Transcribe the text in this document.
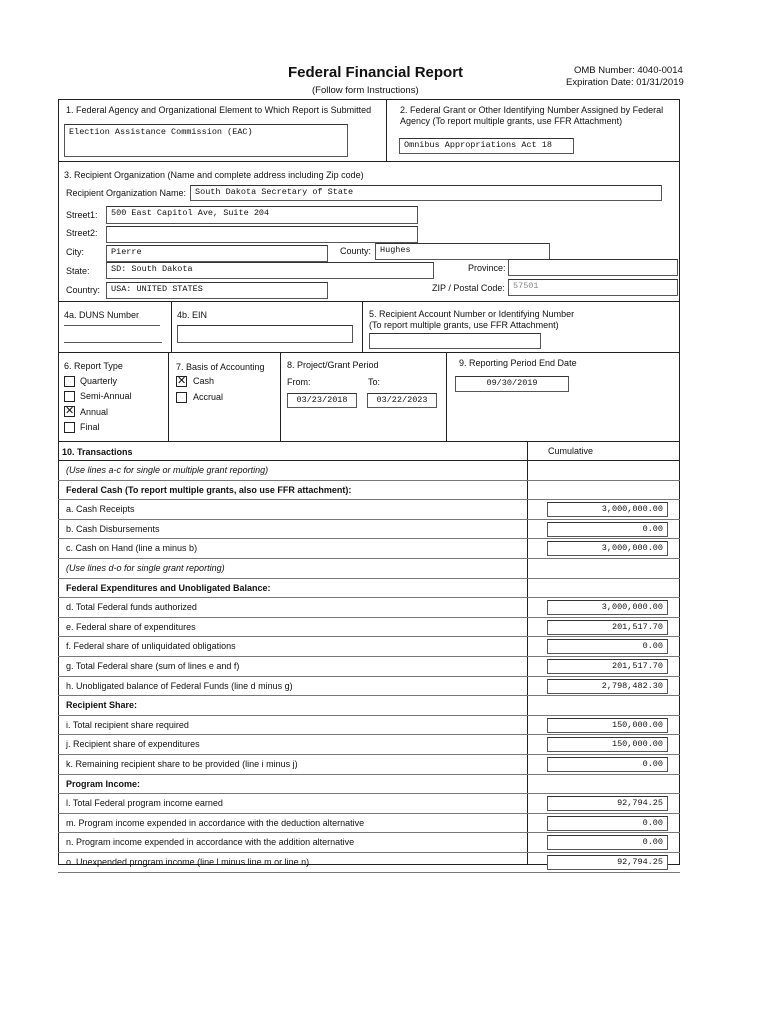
Federal Financial Report
(Follow form Instructions)
OMB Number: 4040-0014
Expiration Date: 01/31/2019
1. Federal Agency and Organizational Element to Which Report is Submitted
Election Assistance Commission (EAC)
2. Federal Grant or Other Identifying Number Assigned by Federal
Agency (To report multiple grants, use FFR Attachment)
Omnibus Appropriations Act 18
3. Recipient Organization (Name and complete address including Zip code)
Recipient Organization Name:	South Dakota Secretary of State
Street1:	500 East Capitol Ave, Suite 204
Street2:
City:	Pierre	County:	Hughes
State:	SD: South Dakota	Province:
Country:	USA: UNITED STATES	ZIP / Postal Code: 57501
4a. DUNS Number	4b. EIN	5. Recipient Account Number or Identifying Number
(To report multiple grants, use FFR Attachment)
6. Report Type
Quarterly
Semi-Annual
✕ Annual
Final
7. Basis of Accounting
✕ Cash
Accrual
8. Project/Grant Period
From:	To:
03/23/2018	03/22/2023
9. Reporting Period End Date
09/30/2019
10. Transactions	Cumulative
(Use lines a-c for single or multiple grant reporting)
Federal Cash (To report multiple grants, also use FFR attachment):
a. Cash Receipts	3,000,000.00
b. Cash Disbursements	0.00
c. Cash on Hand (line a minus b)	3,000,000.00
(Use lines d-o for single grant reporting)
Federal Expenditures and Unobligated Balance:
d. Total Federal funds authorized	3,000,000.00
e. Federal share of expenditures	201,517.70
f. Federal share of unliquidated obligations	0.00
g. Total Federal share (sum of lines e and f)	201,517.70
h. Unobligated balance of Federal Funds (line d minus g)	2,798,482.30
Recipient Share:
i. Total recipient share required	150,000.00
j. Recipient share of expenditures	150,000.00
k. Remaining recipient share to be provided (line i minus j)	0.00
Program Income:
l. Total Federal program income earned	92,794.25
m. Program income expended in accordance with the deduction alternative	0.00
n. Program income expended in accordance with the addition alternative	0.00
o. Unexpended program income (line l minus line m or line n)	92,794.25
